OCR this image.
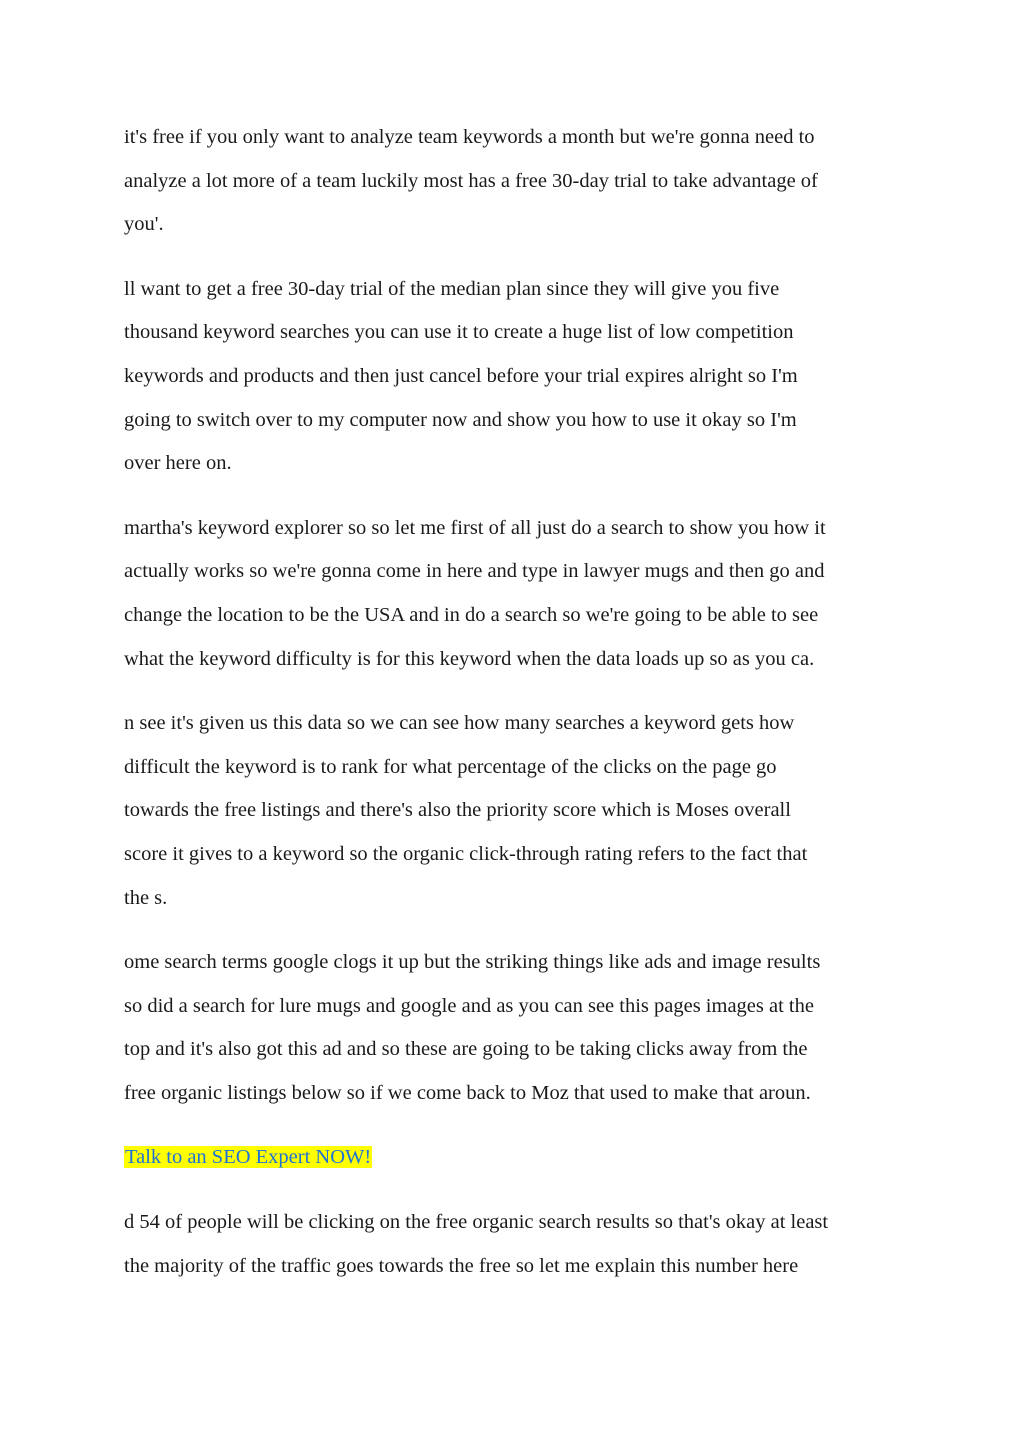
it's free if you only want to analyze team keywords a month but we're gonna need to
analyze a lot more of a team luckily most has a free 30-day trial to take advantage of
you'.

ll want to get a free 30-day trial of the median plan since they will give you five
thousand keyword searches you can use it to create a huge list of low competition
keywords and products and then just cancel before your trial expires alright so I'm
going to switch over to my computer now and show you how to use it okay so I'm
over here on.

martha's keyword explorer so so let me first of all just do a search to show you how it
actually works so we're gonna come in here and type in lawyer mugs and then go and
change the location to be the USA and in do a search so we're going to be able to see
what the keyword difficulty is for this keyword when the data loads up so as you ca.

n see it's given us this data so we can see how many searches a keyword gets how
difficult the keyword is to rank for what percentage of the clicks on the page go
towards the free listings and there's also the priority score which is Moses overall
score it gives to a keyword so the organic click-through rating refers to the fact that
the s.

ome search terms google clogs it up but the striking things like ads and image results
so did a search for lure mugs and google and as you can see this pages images at the
top and it's also got this ad and so these are going to be taking clicks away from the
free organic listings below so if we come back to Moz that used to make that aroun.

Talk to an SEO Expert NOW!

d 54 of people will be clicking on the free organic search results so that's okay at least
the majority of the traffic goes towards the free so let me explain this number here
